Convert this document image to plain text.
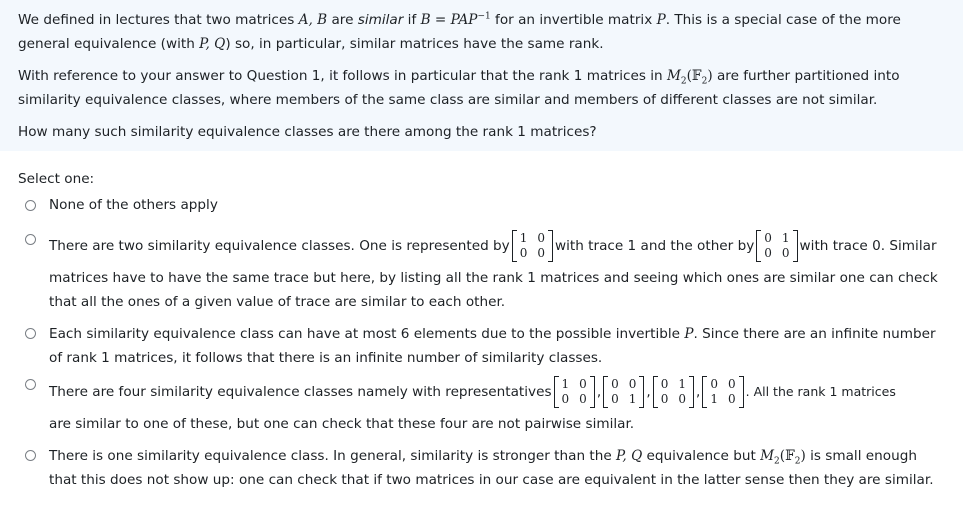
We defined in lectures that two matrices A, B are similar if $B = PAP^{-1}$ for an invertible matrix P. This is a special case of the more general equivalence (with P, Q) so, in particular, similar matrices have the same rank.

With reference to your answer to Question 1, it follows in particular that the rank 1 matrices in $M_2(𝔽_2)$ are further partitioned into similarity equivalence classes, where members of the same class are similar and members of different classes are not similar.

How many such similarity equivalence classes are there among the rank 1 matrices?

Select one:
None of the others apply
There are two similarity equivalence classes. One is represented by 1 0
0 0 with trace 1 and the other by 0 1
0 0 with trace 0. Similar
matrices have to have the same trace but here, by listing all the rank 1 matrices and seeing which ones are similar one can check that all the ones of a given value of trace are similar to each other.
Each similarity equivalence class can have at most 6 elements due to the possible invertible P. Since there are an infinite number of rank 1 matrices, it follows that there is an infinite number of similarity classes.
There are four similarity equivalence classes namely with representatives 1 0
0 0 , 0 0
0 1 , 0 1
0 0 , 0 0
1 0 . All the rank 1 matrices
are similar to one of these, but one can check that these four are not pairwise similar.
There is one similarity equivalence class. In general, similarity is stronger than the P, Q equivalence but $M_2(𝔽_2)$ is small enough that this does not show up: one can check that if two matrices in our case are equivalent in the latter sense then they are similar.
